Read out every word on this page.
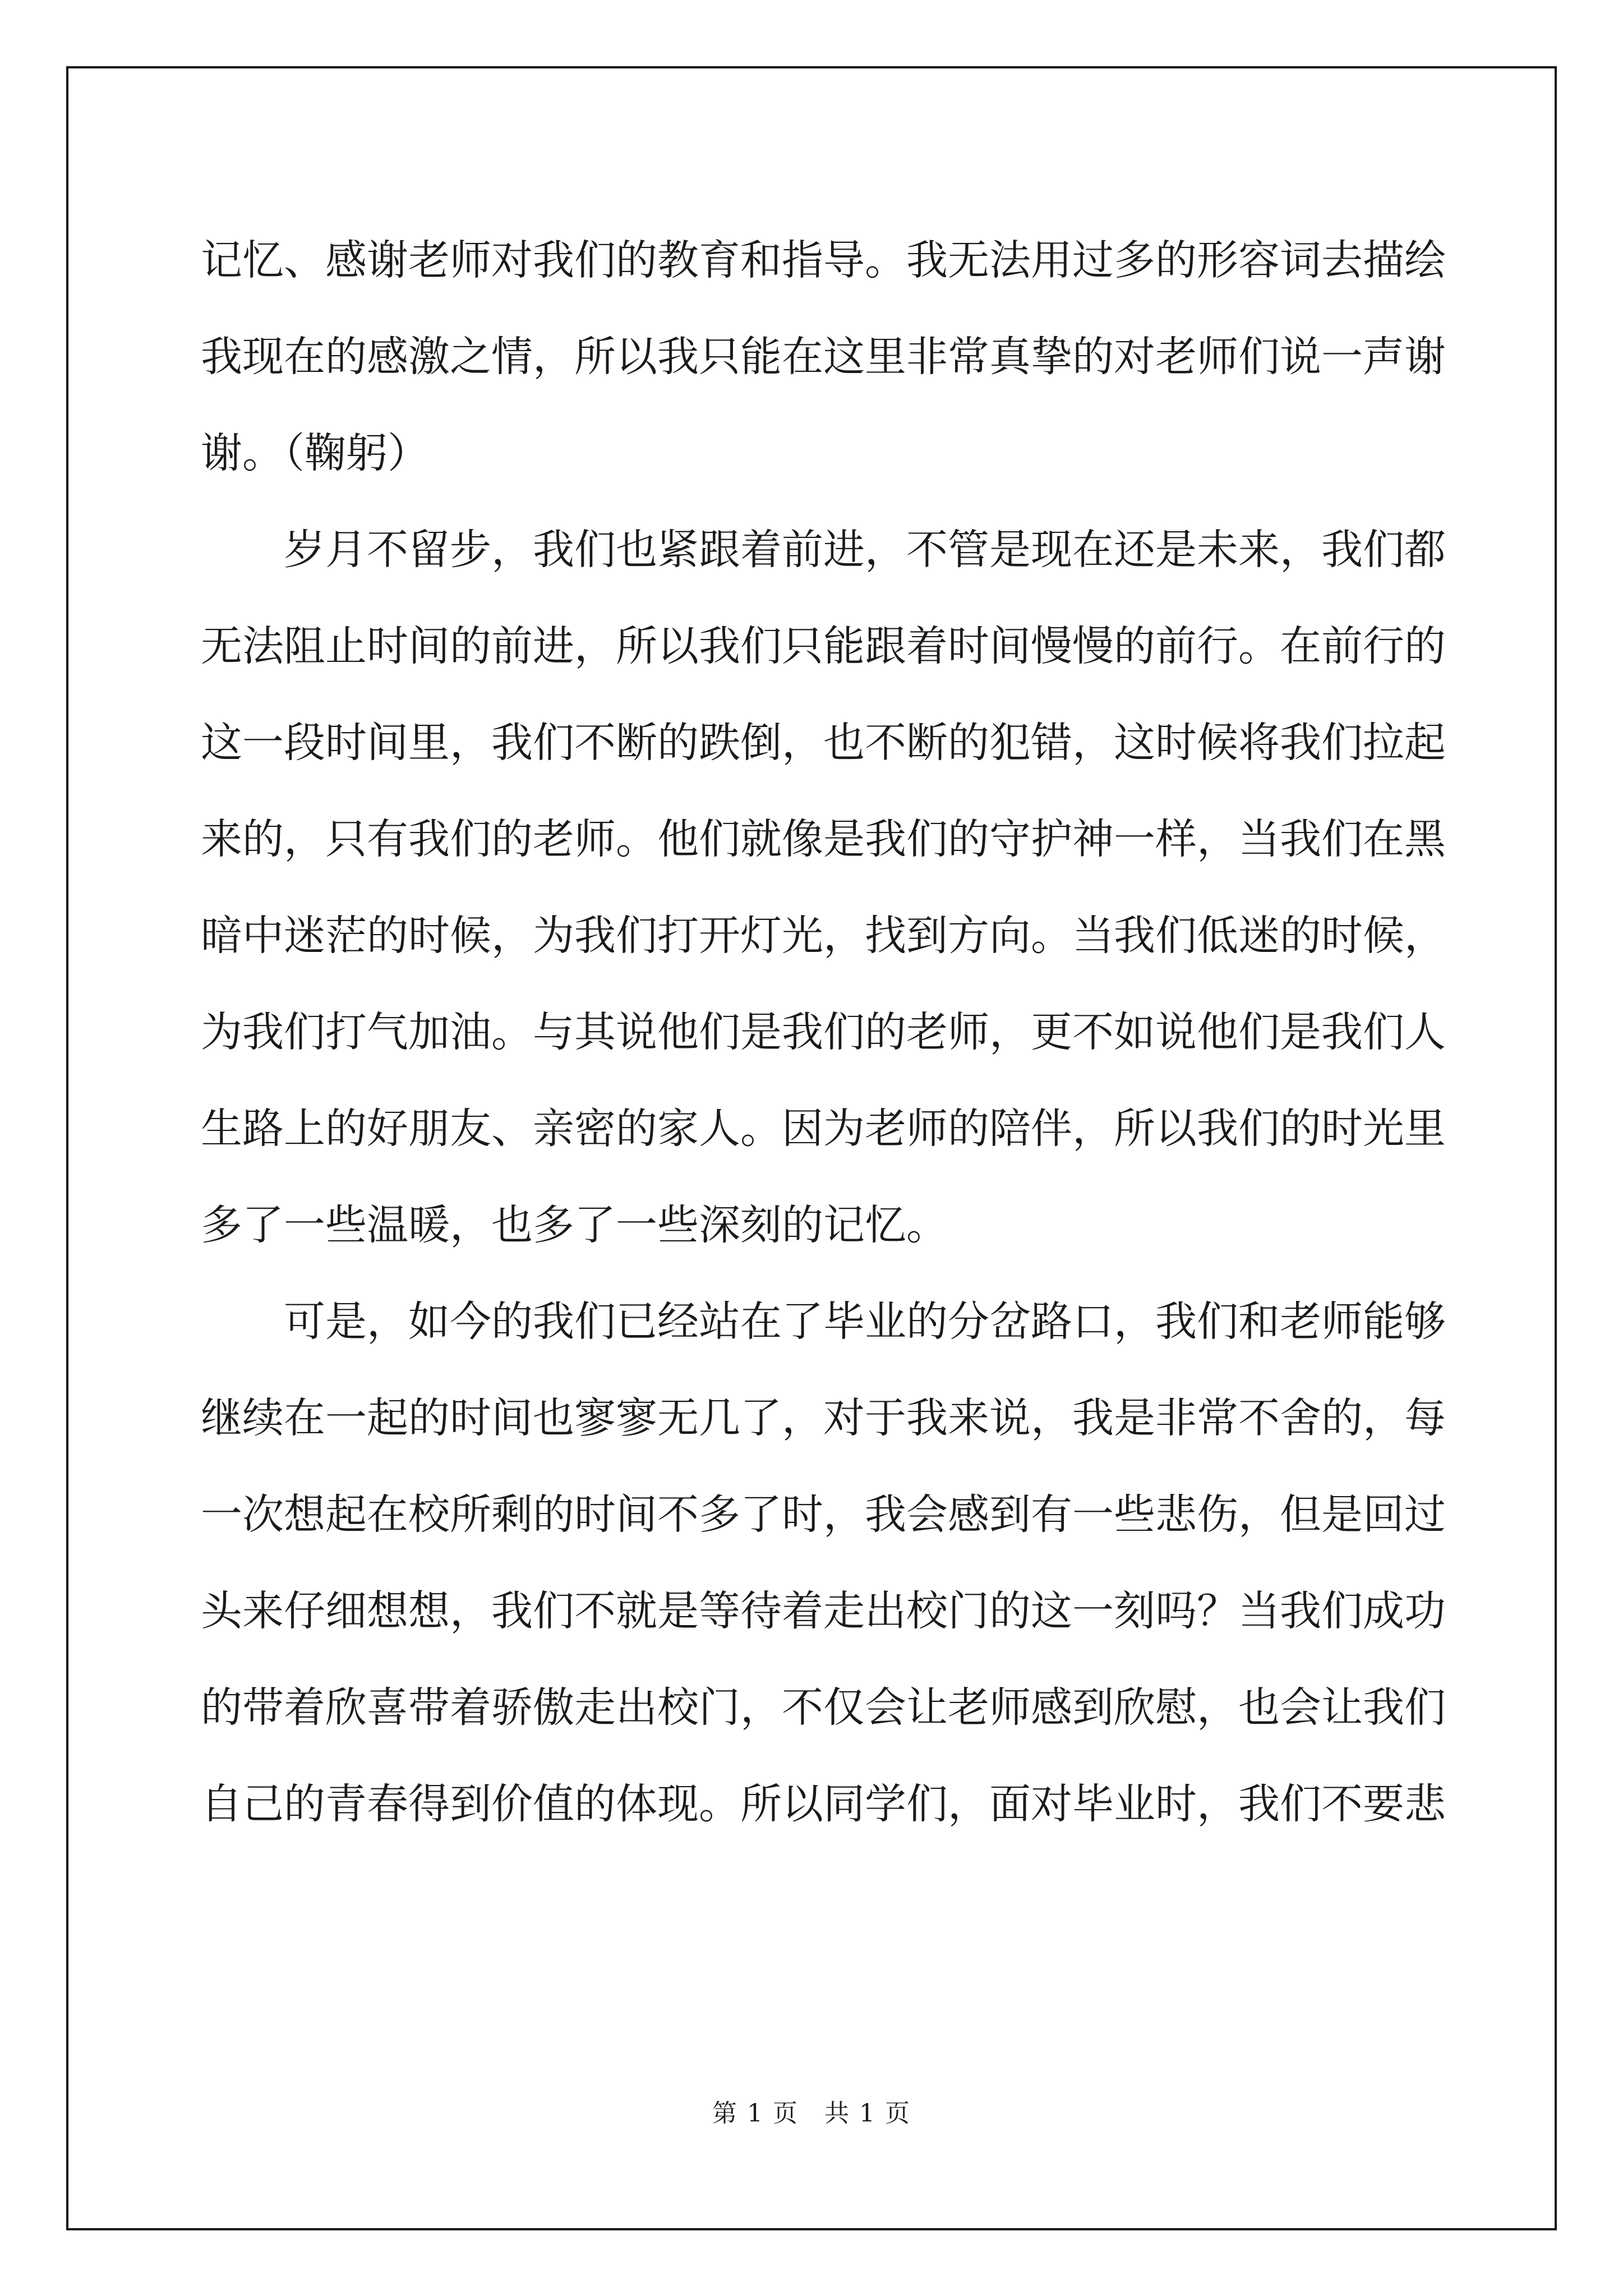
记忆、感谢老师对我们的教育和指导。我无法用过多的形容词去描绘
我现在的感激之情，所以我只能在这里非常真挚的对老师们说一声谢
谢。（鞠躬）
岁月不留步，我们也紧跟着前进，不管是现在还是未来，我们都
无法阻止时间的前进，所以我们只能跟着时间慢慢的前行。在前行的
这一段时间里，我们不断的跌倒，也不断的犯错，这时候将我们拉起
来的，只有我们的老师。他们就像是我们的守护神一样，当我们在黑
暗中迷茫的时候，为我们打开灯光，找到方向。当我们低迷的时候，
为我们打气加油。与其说他们是我们的老师，更不如说他们是我们人
生路上的好朋友、亲密的家人。因为老师的陪伴，所以我们的时光里
多了一些温暖，也多了一些深刻的记忆。
可是，如今的我们已经站在了毕业的分岔路口，我们和老师能够
继续在一起的时间也寥寥无几了，对于我来说，我是非常不舍的，每
一次想起在校所剩的时间不多了时，我会感到有一些悲伤，但是回过
头来仔细想想，我们不就是等待着走出校门的这一刻吗？当我们成功
的带着欣喜带着骄傲走出校门，不仅会让老师感到欣慰，也会让我们
自己的青春得到价值的体现。所以同学们，面对毕业时，我们不要悲
第 1 页　共 1 页
